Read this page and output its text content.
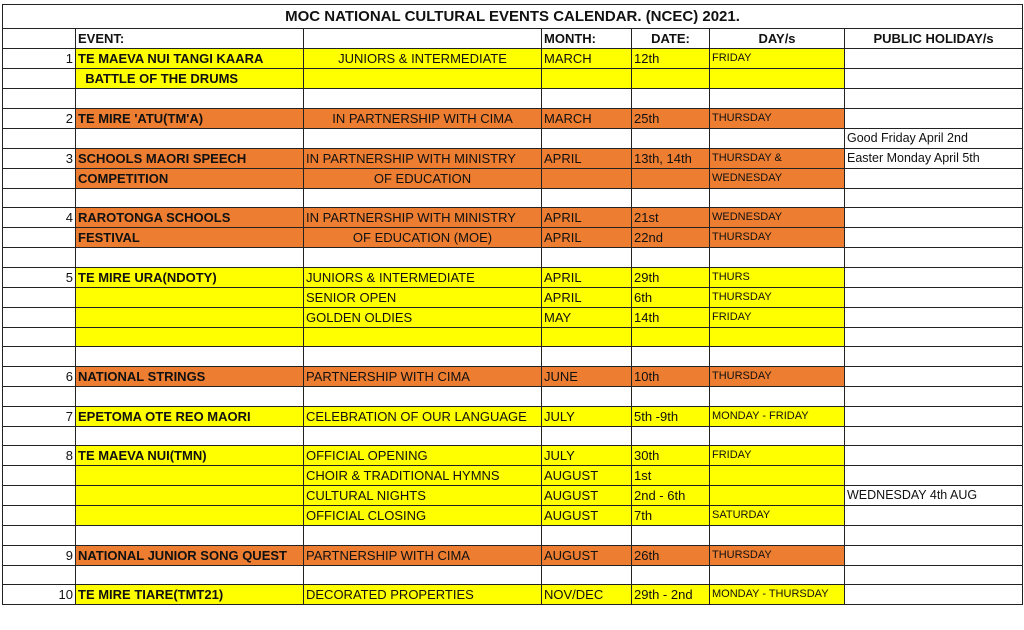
MOC NATIONAL CULTURAL EVENTS CALENDAR. (NCEC) 2021.						
	EVENT:		MONTH:	DATE:	DAY/s	PUBLIC HOLIDAY/s
1	TE MAEVA NUI TANGI KAARA	JUNIORS & INTERMEDIATE	MARCH	12th	FRIDAY	
	BATTLE OF THE DRUMS					

2	TE MIRE 'ATU(TM'A)	IN PARTNERSHIP WITH CIMA	MARCH	25th	THURSDAY	
						Good Friday April 2nd
3	SCHOOLS MAORI SPEECH	IN PARTNERSHIP WITH MINISTRY	APRIL	13th, 14th	THURSDAY &	Easter Monday April 5th
	COMPETITION	OF EDUCATION			WEDNESDAY	

4	RAROTONGA SCHOOLS	IN PARTNERSHIP WITH MINISTRY	APRIL	21st	WEDNESDAY	
	FESTIVAL	OF EDUCATION (MOE)	APRIL	22nd	THURSDAY	

5	TE MIRE URA(NDOTY)	JUNIORS & INTERMEDIATE	APRIL	29th	THURS	
		SENIOR OPEN	APRIL	6th	THURSDAY	
		GOLDEN OLDIES	MAY	14th	FRIDAY	

6	NATIONAL STRINGS	PARTNERSHIP WITH CIMA	JUNE	10th	THURSDAY	

7	EPETOMA OTE REO MAORI	CELEBRATION OF OUR LANGUAGE	JULY	5th -9th	MONDAY - FRIDAY	

8	TE MAEVA NUI(TMN)	OFFICIAL OPENING	JULY	30th	FRIDAY	
		CHOIR & TRADITIONAL HYMNS	AUGUST	1st		
		CULTURAL NIGHTS	AUGUST	2nd - 6th		WEDNESDAY 4th AUG
		OFFICIAL CLOSING	AUGUST	7th	SATURDAY	

9	NATIONAL JUNIOR SONG QUEST	PARTNERSHIP WITH CIMA	AUGUST	26th	THURSDAY	

10	TE MIRE TIARE(TMT21)	DECORATED PROPERTIES	NOV/DEC	29th - 2nd	MONDAY - THURSDAY	
